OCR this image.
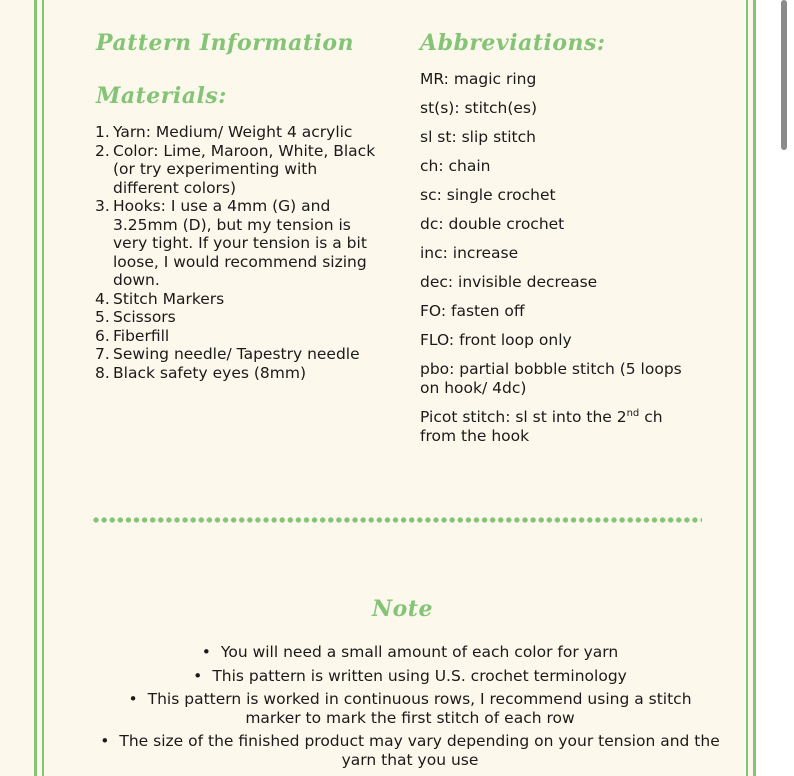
Pattern Information
Materials:
1. Yarn: Medium/ Weight 4 acrylic
2. Color: Lime, Maroon, White, Black (or try experimenting with different colors)
3. Hooks: I use a 4mm (G) and 3.25mm (D), but my tension is very tight. If your tension is a bit loose, I would recommend sizing down.
4. Stitch Markers
5. Scissors
6. Fiberfill
7. Sewing needle/ Tapestry needle
8. Black safety eyes (8mm)
Abbreviations:

MR: magic ring

st(s): stitch(es)

sl st: slip stitch

ch: chain

sc: single crochet

dc: double crochet

inc: increase

dec: invisible decrease

FO: fasten off

FLO: front loop only

pbo: partial bobble stitch (5 loops on hook/ 4dc)

Picot stitch: sl st into the 2nd ch from the hook

Note
• You will need a small amount of each color for yarn
• This pattern is written using U.S. crochet terminology
• This pattern is worked in continuous rows, I recommend using a stitch marker to mark the first stitch of each row
• The size of the finished product may vary depending on your tension and the yarn that you use
